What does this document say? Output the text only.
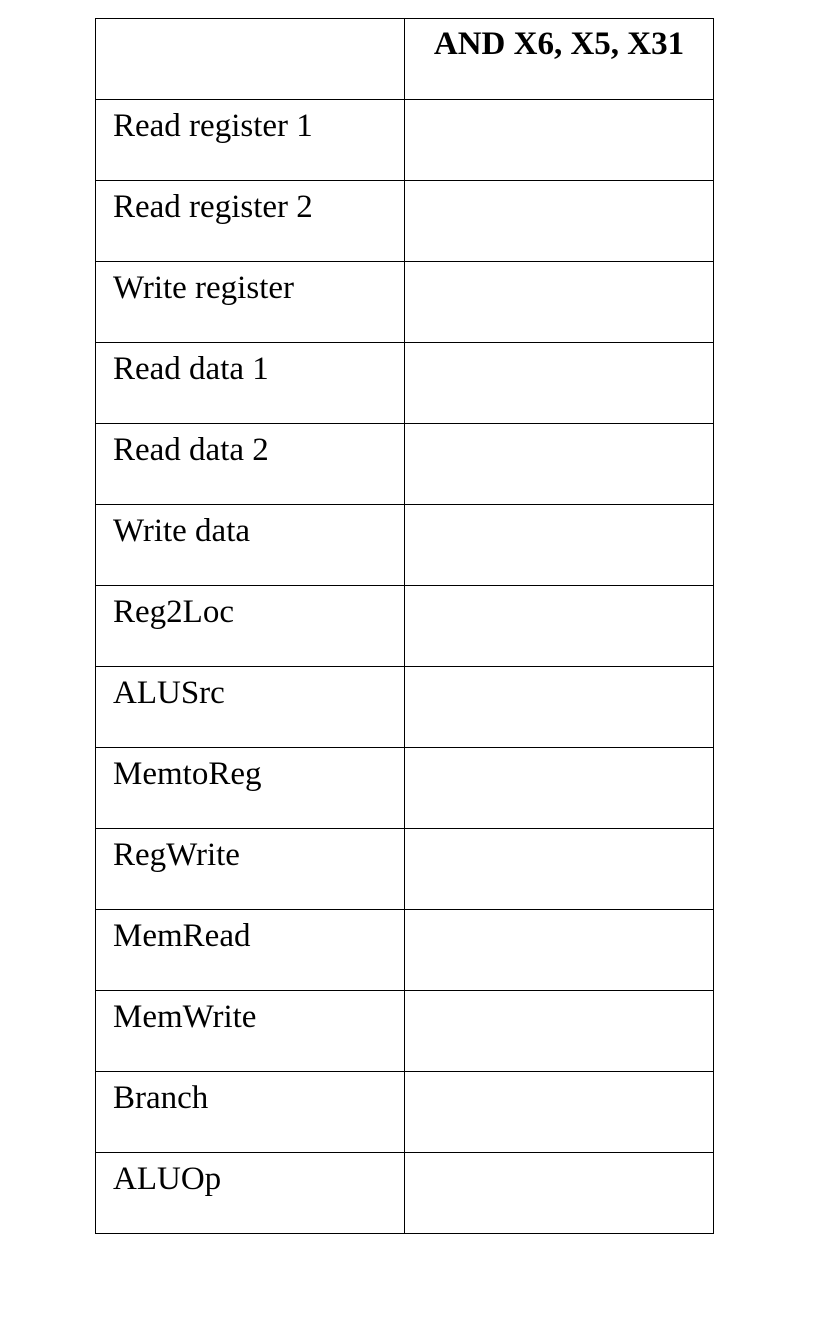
	AND X6, X5, X31

Read register 1	

Read register 2	

Write register	

Read data 1	

Read data 2	

Write data	

Reg2Loc	

ALUSrc	

MemtoReg	

RegWrite	

MemRead	

MemWrite	

Branch	

ALUOp	
